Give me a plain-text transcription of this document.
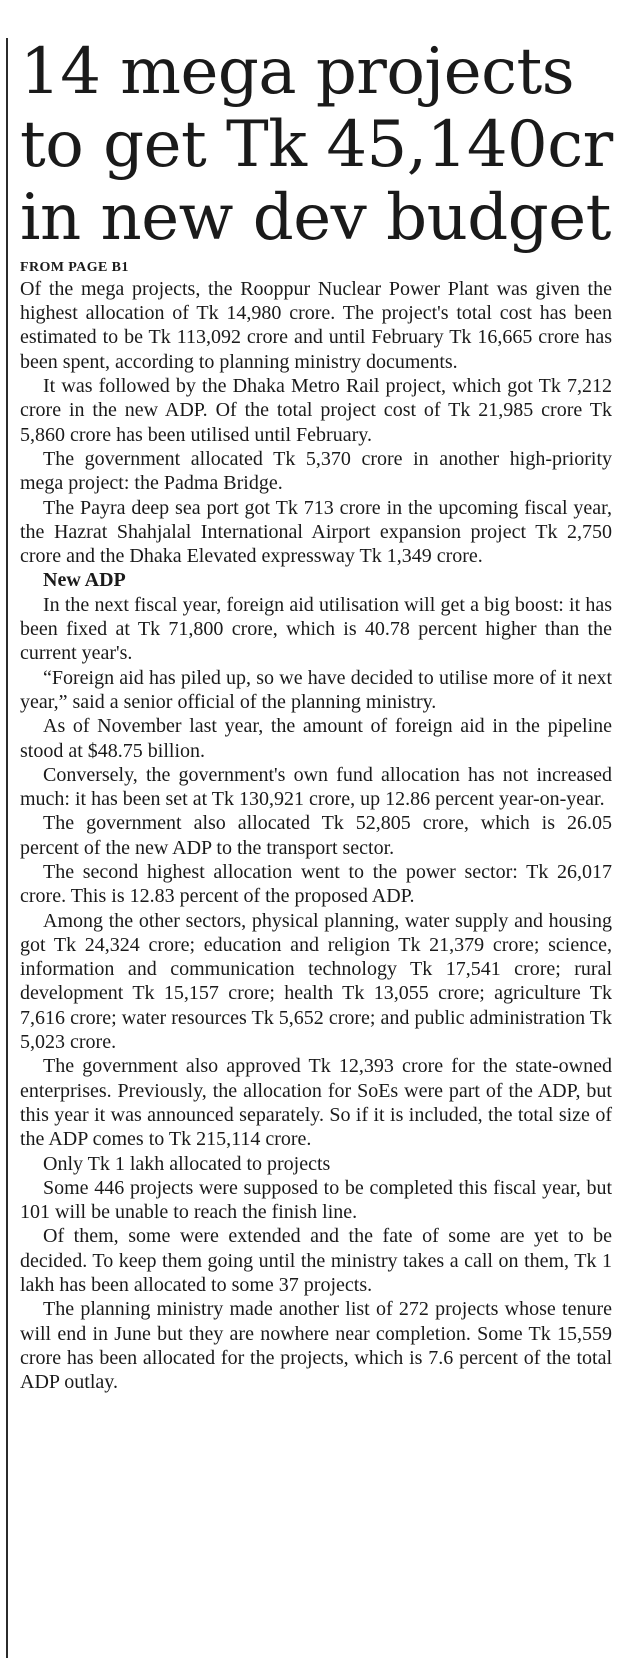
14 mega projects
to get Tk 45,140cr
in new dev budget
FROM PAGE B1

Of the mega projects, the Rooppur Nuclear Power Plant was given the highest allocation of Tk 14,980 crore. The project's total cost has been estimated to be Tk 113,092 crore and until February Tk 16,665 crore has been spent, according to planning ministry documents.

It was followed by the Dhaka Metro Rail project, which got Tk 7,212 crore in the new ADP. Of the total project cost of Tk 21,985 crore Tk 5,860 crore has been utilised until February.

The government allocated Tk 5,370 crore in another high-priority mega project: the Padma Bridge.

The Payra deep sea port got Tk 713 crore in the upcoming fiscal year, the Hazrat Shahjalal International Airport expansion project Tk 2,750 crore and the Dhaka Elevated expressway Tk 1,349 crore.

New ADP

In the next fiscal year, foreign aid utilisation will get a big boost: it has been fixed at Tk 71,800 crore, which is 40.78 percent higher than the current year's.

“Foreign aid has piled up, so we have decided to utilise more of it next year,” said a senior official of the planning ministry.

As of November last year, the amount of foreign aid in the pipeline stood at $48.75 billion.

Conversely, the government's own fund allocation has not increased much: it has been set at Tk 130,921 crore, up 12.86 percent year-on-year.

The government also allocated Tk 52,805 crore, which is 26.05 percent of the new ADP to the transport sector.

The second highest allocation went to the power sector: Tk 26,017 crore. This is 12.83 percent of the proposed ADP.

Among the other sectors, physical planning, water supply and housing got Tk 24,324 crore; education and religion Tk 21,379 crore; science, information and communication technology Tk 17,541 crore; rural development Tk 15,157 crore; health Tk 13,055 crore; agriculture Tk 7,616 crore; water resources Tk 5,652 crore; and public administration Tk 5,023 crore.

The government also approved Tk 12,393 crore for the state-owned enterprises. Previously, the allocation for SoEs were part of the ADP, but this year it was announced separately. So if it is included, the total size of the ADP comes to Tk 215,114 crore.

Only Tk 1 lakh allocated to projects

Some 446 projects were supposed to be completed this fiscal year, but 101 will be unable to reach the finish line.

Of them, some were extended and the fate of some are yet to be decided. To keep them going until the ministry takes a call on them, Tk 1 lakh has been allocated to some 37 projects.

The planning ministry made another list of 272 projects whose tenure will end in June but they are nowhere near completion. Some Tk 15,559 crore has been allocated for the projects, which is 7.6 percent of the total ADP outlay.
